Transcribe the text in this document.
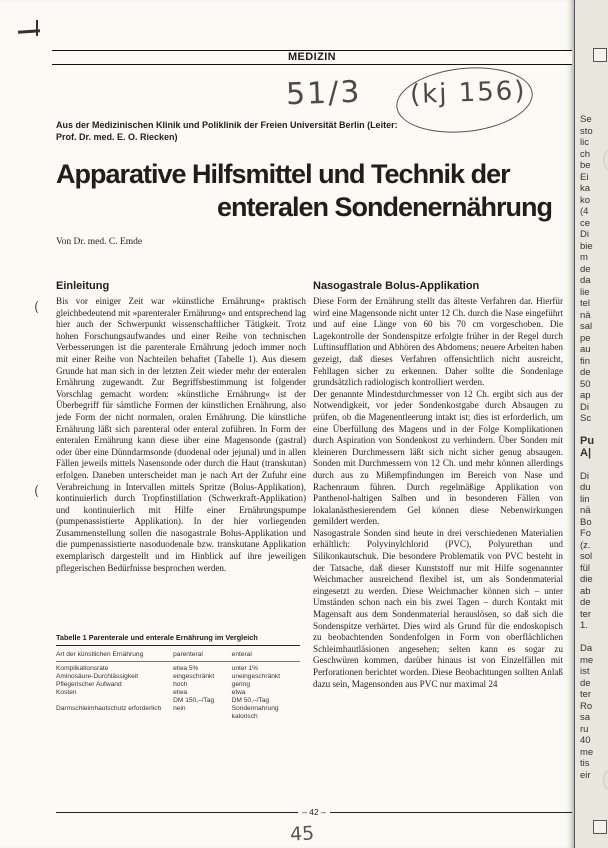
MEDIZIN
51/3 (kj 156)
Aus der Medizinischen Klinik und Poliklinik der Freien Universität Berlin (Leiter: Prof. Dr. med. E. O. Riecken)
Apparative Hilfsmittel und Technik der
enteralen Sondenernährung
Von Dr. med. C. Emde
Einleitung

Bis vor einiger Zeit war »künstliche Ernährung« praktisch gleichbedeutend mit »parenteraler Ernährung« und entsprechend lag hier auch der Schwerpunkt wissenschaftlicher Tätigkeit. Trotz hohen Forschungsaufwandes und einer Reihe von technischen Verbesserungen ist die parenterale Ernährung jedoch immer noch mit einer Reihe von Nachteilen behaftet (Tabelle 1). Aus diesem Grunde hat man sich in der letzten Zeit wieder mehr der enteralen Ernährung zugewandt. Zur Begriffsbestimmung ist folgender Vorschlag gemacht worden: »künstliche Ernährung« ist der Überbegriff für sämtliche Formen der künstlichen Ernährung, also jede Form der nicht normalen, oralen Ernährung. Die künstliche Ernährung läßt sich parenteral oder enteral zuführen. In Form der enteralen Ernährung kann diese über eine Magensonde (gastral) oder über eine Dünndarmsonde (duodenal oder jejunal) und in allen Fällen jeweils mittels Nasensonde oder durch die Haut (transkutan) erfolgen. Daneben unterscheidet man je nach Art der Zufuhr eine Verabreichung in Intervallen mittels Spritze (Bolus-Applikation), kontinuierlich durch Tropfinstillation (Schwerkraft-Applikation) und kontinuierlich mit Hilfe einer Ernährungspumpe (pumpenassistierte Applikation). In der hier vorliegenden Zusammenstellung sollen die nasogastrale Bolus-Applikation und die pumpenassistierte nasoduodenale bzw. transkutane Applikation exemplarisch dargestellt und im Hinblick auf ihre jeweiligen pflegerischen Bedürfnisse besprochen werden.

(
(
Tabelle 1 Parenterale und enterale Ernährung im Vergleich
Art der künstlichen Ernährung	parenteral	enteral
Komplikationsrate	etwa 5%	unter 1%
Aminosäure-Durchlässigkeit	eingeschränkt	uneingeschränkt
Pflegerischer Aufwand	hoch	gering
Kosten	etwa	etwa
	DM 150,–/Tag	DM 50,–/Tag
Darmschleimhautschutz erforderlich	nein	Sondennahrung kalorisch
Nasogastrale Bolus-Applikation

Diese Form der Ernährung stellt das älteste Verfahren dar. Hierfür wird eine Magensonde nicht unter 12 Ch. durch die Nase eingeführt und auf eine Länge von 60 bis 70 cm vorgeschoben. Die Lagekontrolle der Sondenspitze erfolgte früher in der Regel durch Luftinsufflation und Abhören des Abdomens; neuere Arbeiten haben gezeigt, daß dieses Verfahren offensichtlich nicht ausreicht, Fehllagen sicher zu erkennen. Daher sollte die Sondenlage grundsätzlich radiologisch kontrolliert werden.

Der genannte Mindestdurchmesser von 12 Ch. ergibt sich aus der Notwendigkeit, vor jeder Sondenkostgabe durch Absaugen zu prüfen, ob die Magenentleerung intakt ist; dies ist erforderlich, um eine Überfüllung des Magens und in der Folge Komplikationen durch Aspiration von Sondenkost zu verhindern. Über Sonden mit kleineren Durchmessern läßt sich nicht sicher genug absaugen. Sonden mit Durchmessern von 12 Ch. und mehr können allerdings durch aus zu Mißempfindungen im Bereich von Nase und Rachenraum führen. Durch regelmäßige Applikation von Panthenol-haltigen Salben und in besonderen Fällen von lokalanästhesierendem Gel können diese Nebenwirkungen gemildert werden.

Nasogastrale Sonden sind heute in drei verschiedenen Materialien erhältlich: Polyvinylchlorid (PVC), Polyurethan und Silikonkautschuk. Die besondere Problematik von PVC besteht in der Tatsache, daß dieser Kunststoff nur mit Hilfe sogenannter Weichmacher ausreichend flexibel ist, um als Sondenmaterial eingesetzt zu werden. Diese Weichmacher können sich – unter Umständen schon nach ein bis zwei Tagen – durch Kontakt mit Magensaft aus dem Sondenmaterial herauslösen, so daß sich die Sondenspitze verhärtet. Dies wird als Grund für die endoskopisch zu beobachtenden Sondenfolgen in Form von oberflächlichen Schleimhautläsionen angesehen; selten kann es sogar zu Geschwüren kommen, darüber hinaus ist von Einzelfällen mit Perforationen berichtet worden. Diese Beobachtungen sollten Anlaß dazu sein, Magensonden aus PVC nur maximal 24

– 42 –
45
Se
sto
lic
ch
be
Ei
ka
ko
(4
ce
Di
bie
m
de
da
lie
tel
nä
sal
pe
au
fin
de
50
ap
Di
Sc
Pu
A|
Di
du
lin
nä
Bo
Fo
(z.
sol
fül
die
ab
de
ter
1.
Da
me
ist
de
ter
Ro
sa
ru
40
me
tis
eir
